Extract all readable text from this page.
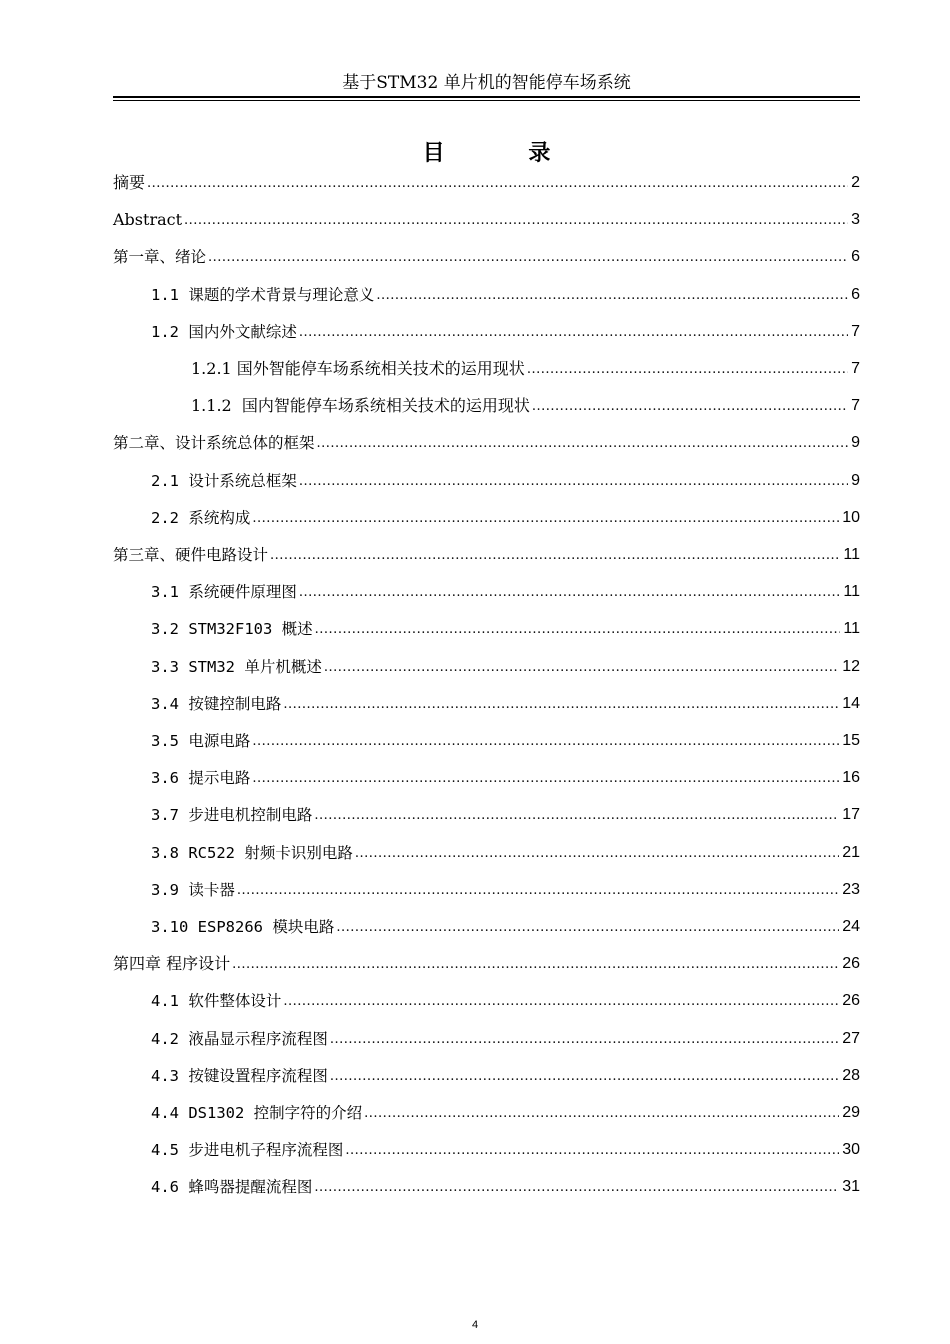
基于STM32 单片机的智能停车场系统
目 录
摘要 .....	2
Abstract .....	3
第一章、绪论 .....	6
1.1 课题的学术背景与理论意义 .....	6
1.2 国内外文献综述 .....	7
1.2.1 国外智能停车场系统相关技术的运用现状 .....	7
1.1.2  国内智能停车场系统相关技术的运用现状 .....	7
第二章、设计系统总体的框架 .....	9
2.1 设计系统总框架 .....	9
2.2 系统构成 .....	10
第三章、硬件电路设计 .....	11
3.1 系统硬件原理图 .....	11
3.2 STM32F103 概述 .....	11
3.3 STM32 单片机概述 .....	12
3.4 按键控制电路 .....	14
3.5 电源电路 .....	15
3.6 提示电路 .....	16
3.7 步进电机控制电路 .....	17
3.8 RC522 射频卡识别电路 .....	21
3.9 读卡器 .....	23
3.10 ESP8266 模块电路 .....	24
第四章 程序设计 .....	26
4.1 软件整体设计 .....	26
4.2 液晶显示程序流程图 .....	27
4.3 按键设置程序流程图 .....	28
4.4 DS1302 控制字符的介绍 .....	29
4.5 步进电机子程序流程图 .....	30
4.6 蜂鸣器提醒流程图 .....	31
4
